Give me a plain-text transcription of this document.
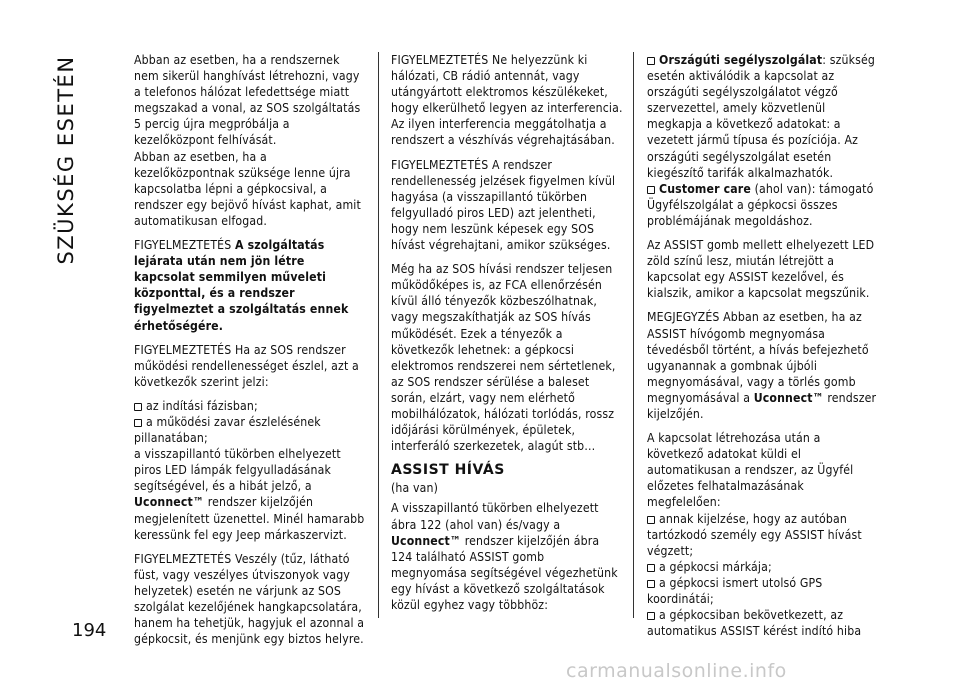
SZÜKSÉG ESETÉN
194

Abban az esetben, ha a rendszernek nem sikerül hanghívást létrehozni, vagy a telefonos hálózat lefedettsége miatt megszakad a vonal, az SOS szolgáltatás 5 percig újra megpróbálja a kezelőközpont felhívását.

Abban az esetben, ha a kezelőközpontnak szüksége lenne újra kapcsolatba lépni a gépkocsival, a rendszer egy bejövő hívást kaphat, amit automatikusan elfogad.

FIGYELMEZTETÉS A szolgáltatás lejárata után nem jön létre kapcsolat semmilyen műveleti központtal, és a rendszer figyelmeztet a szolgáltatás ennek érhetőségére.

FIGYELMEZTETÉS Ha az SOS rendszer működési rendellenességet észlel, azt a következők szerint jelzi:

az indítási fázisban;
a működési zavar észlelésének pillanatában;

a visszapillantó tükörben elhelyezett piros LED lámpák felgyulladásának segítségével, és a hibát jelző, a Uconnect™ rendszer kijelzőjén megjelenített üzenettel. Minél hamarabb keressünk fel egy Jeep márkaszervizt.

FIGYELMEZTETÉS Veszély (tűz, látható füst, vagy veszélyes útviszonyok vagy helyzetek) esetén ne várjunk az SOS szolgálat kezelőjének hangkapcsolatára, hanem ha tehetjük, hagyjuk el azonnal a gépkocsit, és menjünk egy biztos helyre.

FIGYELMEZTETÉS Ne helyezzünk ki hálózati, CB rádió antennát, vagy utángyártott elektromos készülékeket, hogy elkerülhető legyen az interferencia. Az ilyen interferencia meggátolhatja a rendszert a vészhívás végrehajtásában.

FIGYELMEZTETÉS A rendszer rendellenesség jelzések figyelmen kívül hagyása (a visszapillantó tükörben felgyulladó piros LED) azt jelentheti, hogy nem leszünk képesek egy SOS hívást végrehajtani, amikor szükséges.

Még ha az SOS hívási rendszer teljesen működőképes is, az FCA ellenőrzésén kívül álló tényezők közbeszólhatnak, vagy megszakíthatják az SOS hívás működését. Ezek a tényezők a következők lehetnek: a gépkocsi elektromos rendszerei nem sértetlenek, az SOS rendszer sérülése a baleset során, elzárt, vagy nem elérhető mobilhálózatok, hálózati torlódás, rossz időjárási körülmények, épületek, interferáló szerkezetek, alagút stb…

ASSIST HÍVÁS
(ha van)

A visszapillantó tükörben elhelyezett ábra 122 (ahol van) és/vagy a Uconnect™ rendszer kijelzőjén ábra 124 található ASSIST gomb megnyomása segítségével végezhetünk egy hívást a következő szolgáltatások közül egyhez vagy többhöz:

Országúti segélyszolgálat: szükség esetén aktiválódik a kapcsolat az országúti segélyszolgálatot végző szervezettel, amely közvetlenül megkapja a következő adatokat: a vezetett jármű típusa és pozíciója. Az országúti segélyszolgálat esetén kiegészítő tarifák alkalmazhatók.

Customer care (ahol van): támogató Ügyfélszolgálat a gépkocsi összes problémájának megoldáshoz.

Az ASSIST gomb mellett elhelyezett LED zöld színű lesz, miután létrejött a kapcsolat egy ASSIST kezelővel, és kialszik, amikor a kapcsolat megszűnik.

MEGJEGYZÉS Abban az esetben, ha az ASSIST hívógomb megnyomása tévedésből történt, a hívás befejezhető ugyanannak a gombnak újbóli megnyomásával, vagy a törlés gomb megnyomásával a Uconnect™ rendszer kijelzőjén.

A kapcsolat létrehozása után a következő adatokat küldi el automatikusan a rendszer, az Ügyfél előzetes felhatalmazásának megfelelően:
annak kijelzése, hogy az autóban tartózkodó személy egy ASSIST hívást végzett;
a gépkocsi márkája;
a gépkocsi ismert utolsó GPS koordinátái;
a gépkocsiban bekövetkezett, az automatikus ASSIST kérést indító hiba
carmanualsonline.info
